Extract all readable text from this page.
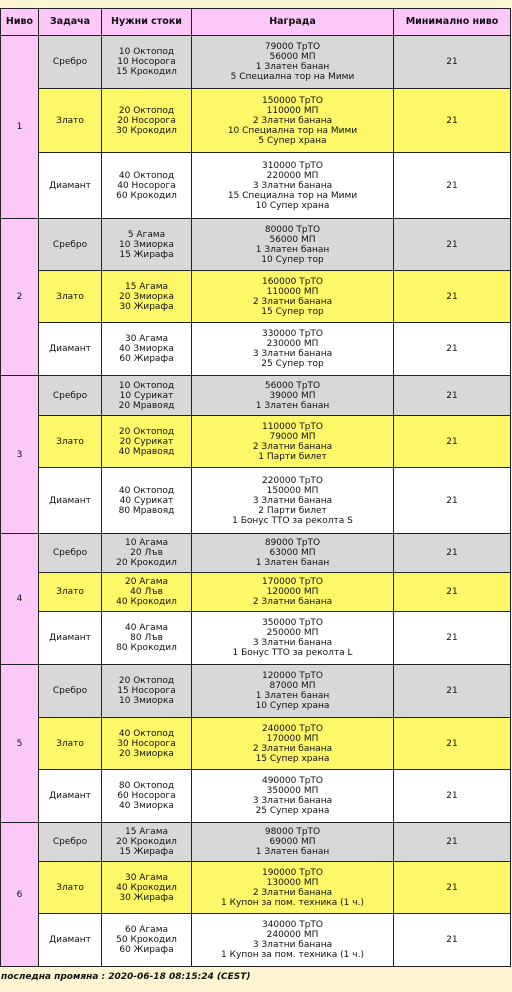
Ниво	Задача	Нужни стоки	Награда	Минимално ниво
1	Сребро	10 Октопод
10 Носорога
15 Крокодил	79000 ТрТО
56000 МП
1 Златен банан
5 Специална тор на Мими	21
	Злато	20 Октопод
20 Носорога
30 Крокодил	150000 ТрТО
110000 МП
2 Златни банана
10 Специална тор на Мими
5 Супер храна	21
	Диамант	40 Октопод
40 Носорога
60 Крокодил	310000 ТрТО
220000 МП
3 Златни банана
15 Специална тор на Мими
10 Супер храна	21
2	Сребро	5 Агама
10 Змиорка
15 Жирафа	80000 ТрТО
56000 МП
1 Златен банан
10 Супер тор	21
	Злато	15 Агама
20 Змиорка
30 Жирафа	160000 ТрТО
110000 МП
2 Златни банана
15 Супер тор	21
	Диамант	30 Агама
40 Змиорка
60 Жирафа	330000 ТрТО
230000 МП
3 Златни банана
25 Супер тор	21
3	Сребро	10 Октопод
10 Сурикат
20 Мравояд	56000 ТрТО
39000 МП
1 Златен банан	21
	Злато	20 Октопод
20 Сурикат
40 Мравояд	110000 ТрТО
79000 МП
2 Златни банана
1 Парти билет	21
	Диамант	40 Октопод
40 Сурикат
80 Мравояд	220000 ТрТО
150000 МП
3 Златни банана
2 Парти билет
1 Бонус ТТО за реколта S	21
4	Сребро	10 Агама
20 Лъв
20 Крокодил	89000 ТрТО
63000 МП
1 Златен банан	21
	Злато	20 Агама
40 Лъв
40 Крокодил	170000 ТрТО
120000 МП
2 Златни банана	21
	Диамант	40 Агама
80 Лъв
80 Крокодил	350000 ТрТО
250000 МП
3 Златни банана
1 Бонус ТТО за реколта L	21
5	Сребро	20 Октопод
15 Носорога
10 Змиорка	120000 ТрТО
87000 МП
1 Златен банан
10 Супер храна	21
	Злато	40 Октопод
30 Носорога
20 Змиорка	240000 ТрТО
170000 МП
2 Златни банана
15 Супер храна	21
	Диамант	80 Октопод
60 Носорога
40 Змиорка	490000 ТрТО
350000 МП
3 Златни банана
25 Супер храна	21
6	Сребро	15 Агама
20 Крокодил
15 Жирафа	98000 ТрТО
69000 МП
1 Златен банан	21
	Злато	30 Агама
40 Крокодил
30 Жирафа	190000 ТрТО
130000 МП
2 Златни банана
1 Купон за пом. техника (1 ч.)	21
	Диамант	60 Агама
50 Крокодил
60 Жирафа	340000 ТрТО
240000 МП
3 Златни банана
1 Купон за пом. техника (1 ч.)	21
последна промяна : 2020-06-18 08:15:24 (CEST)
